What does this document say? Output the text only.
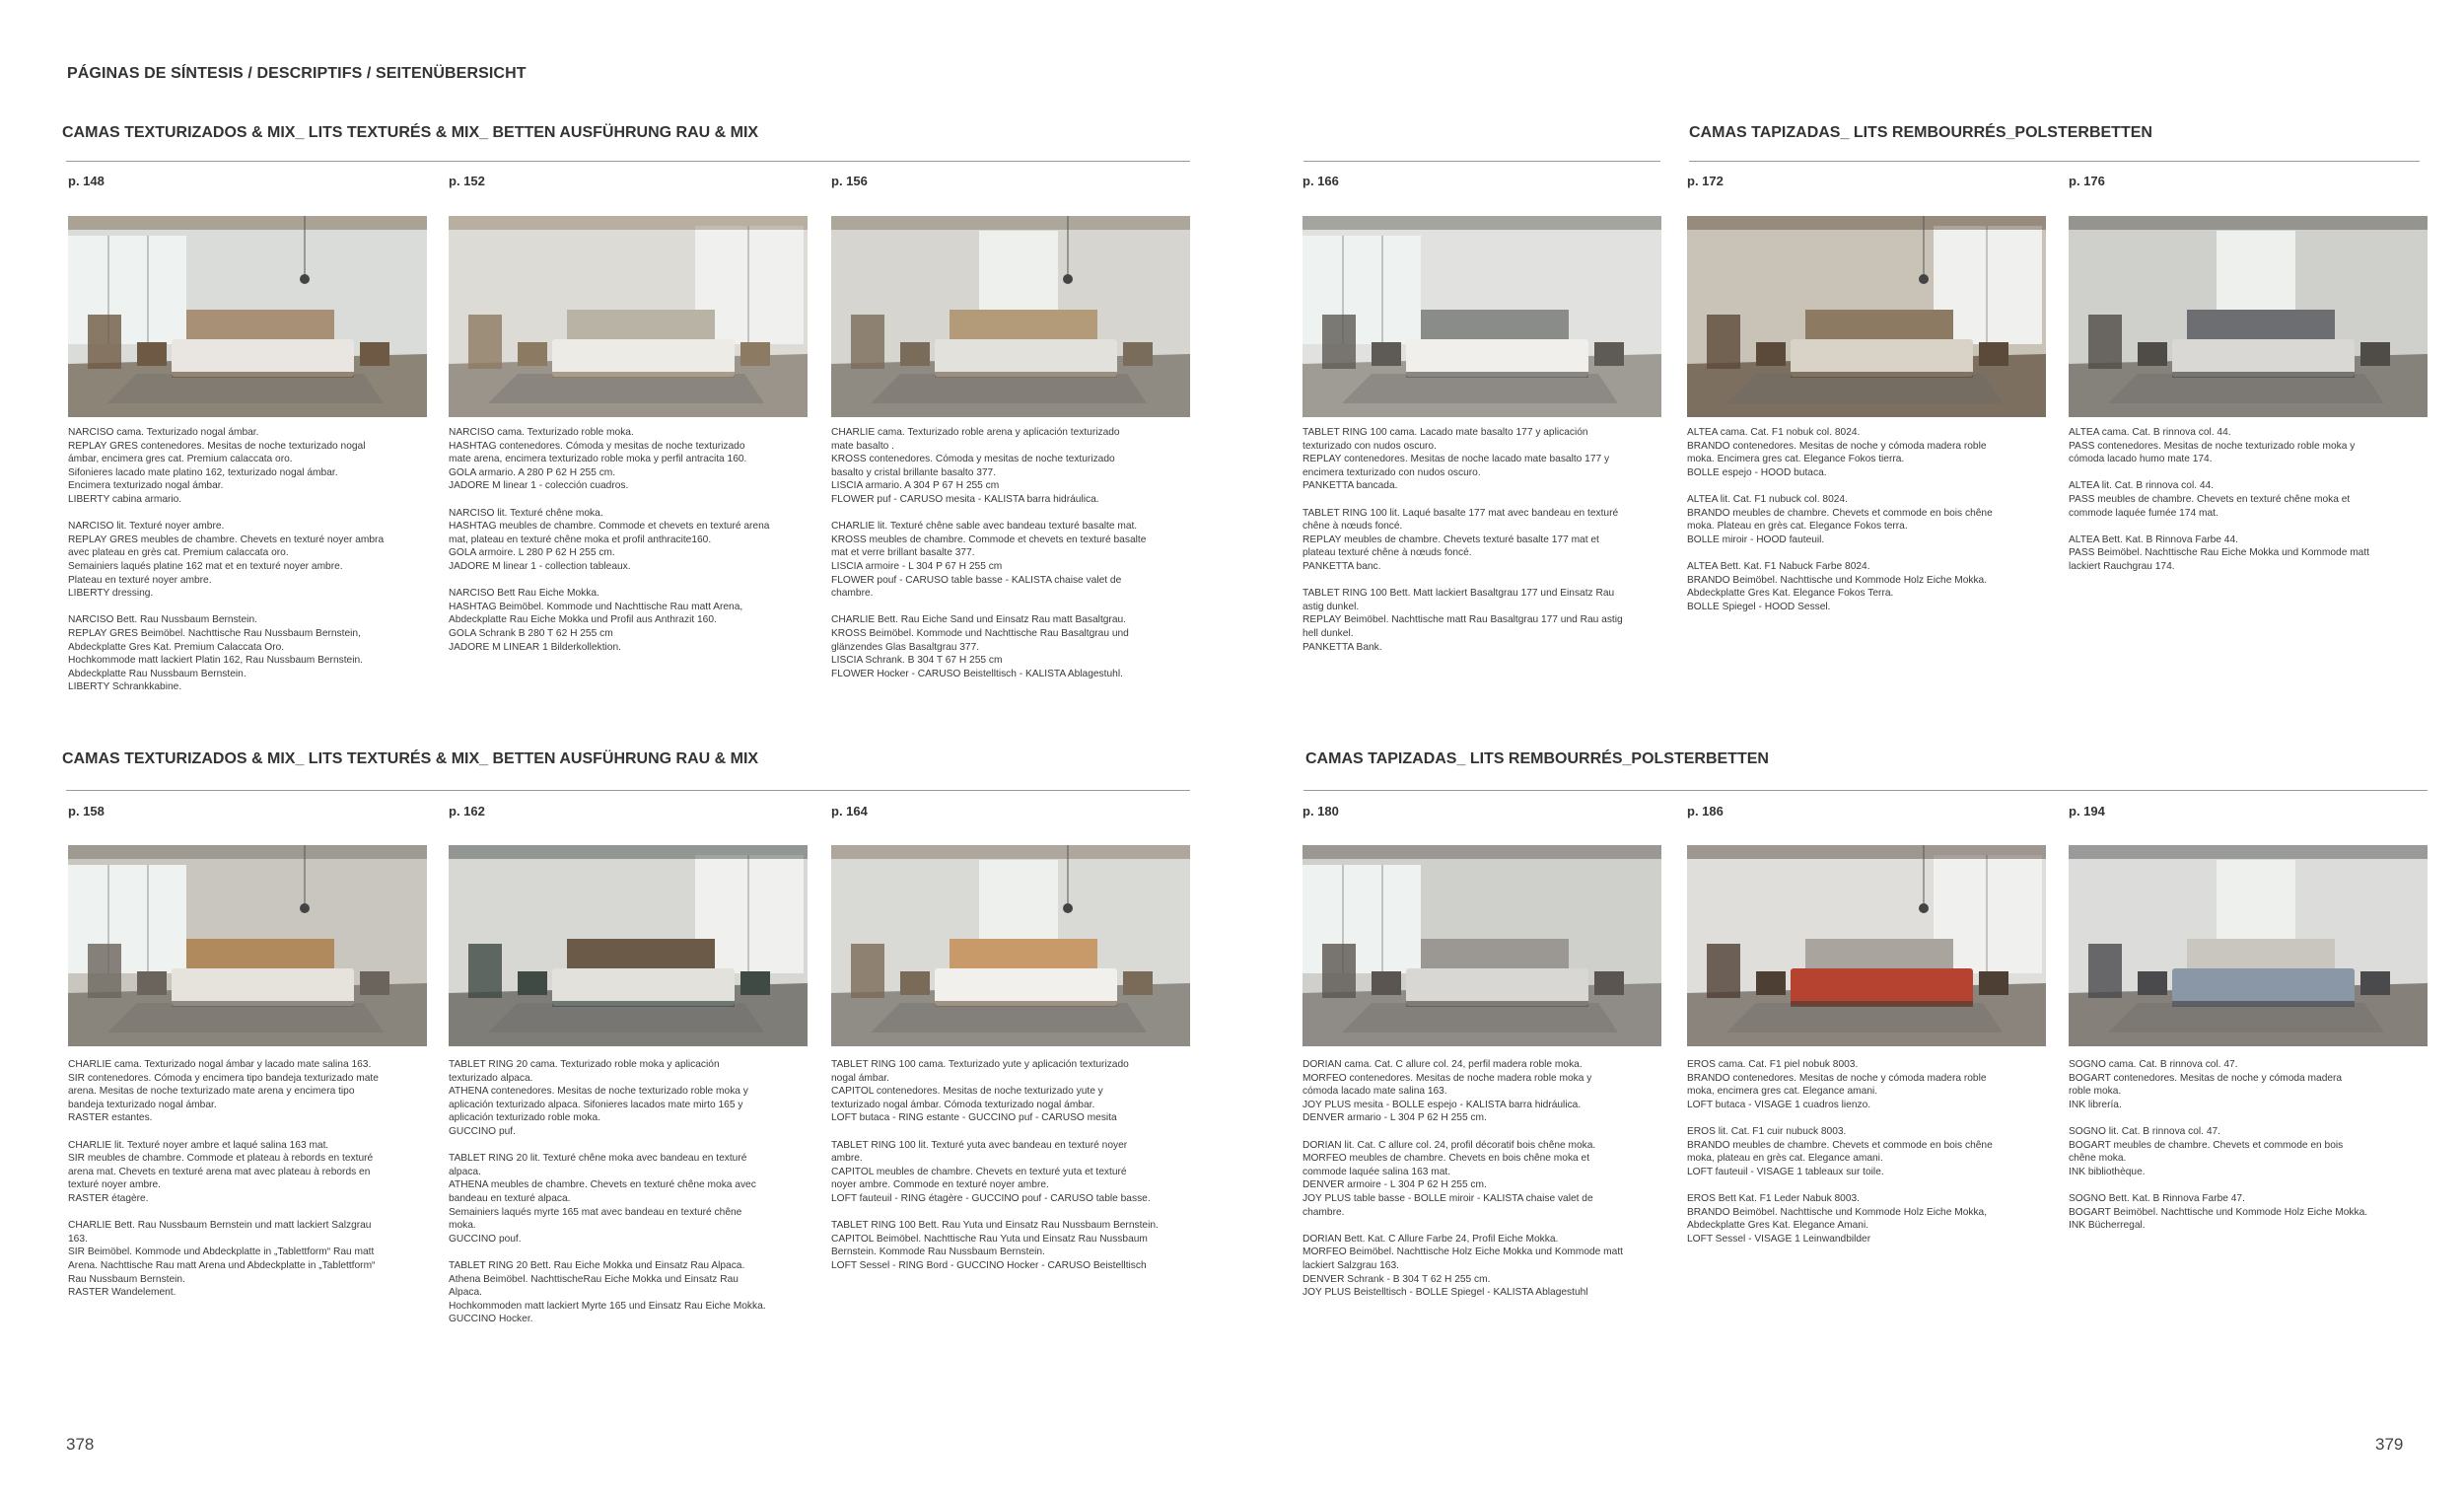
PÁGINAS DE SÍNTESIS / DESCRIPTIFS / SEITENÜBERSICHT
CAMAS TEXTURIZADOS & MIX_ LITS TEXTURÉS & MIX_ BETTEN AUSFÜHRUNG RAU & MIX	CAMAS TAPIZADAS_ LITS REMBOURRÉS_POLSTERBETTEN
CAMAS TEXTURIZADOS & MIX_ LITS TEXTURÉS & MIX_ BETTEN AUSFÜHRUNG RAU & MIX	CAMAS TAPIZADAS_ LITS REMBOURRÉS_POLSTERBETTEN
p. 148

NARCISO cama. Texturizado nogal ámbar.
REPLAY GRES contenedores. Mesitas de noche texturizado nogal
ámbar, encimera gres cat. Premium calaccata oro.
Sifonieres lacado mate platino 162, texturizado nogal ámbar.
Encimera texturizado nogal ámbar.
LIBERTY cabina armario.

NARCISO lit. Texturé noyer ambre.
REPLAY GRES meubles de chambre. Chevets en texturé noyer ambra
avec plateau en grès cat. Premium calaccata oro.
Semainiers laqués platine 162 mat et en texturé noyer ambre.
Plateau en texturé noyer ambre.
LIBERTY dressing.

NARCISO Bett. Rau Nussbaum Bernstein.
REPLAY GRES Beimöbel. Nachttische Rau Nussbaum Bernstein,
Abdeckplatte Gres Kat. Premium Calaccata Oro.
Hochkommode matt lackiert Platin 162, Rau Nussbaum Bernstein.
Abdeckplatte Rau Nussbaum Bernstein.
LIBERTY Schrankkabine.

p. 152

NARCISO cama. Texturizado roble moka.
HASHTAG contenedores. Cómoda y mesitas de noche texturizado
mate arena, encimera texturizado roble moka y perfil antracita 160.
GOLA armario. A 280 P 62 H 255 cm.
JADORE M linear 1 - colección cuadros.

NARCISO lit. Texturé chêne moka.
HASHTAG meubles de chambre. Commode et chevets en texturé arena
mat, plateau en texturé chêne moka et profil anthracite160.
GOLA armoire. L 280 P 62 H 255 cm.
JADORE M linear 1 - collection tableaux.

NARCISO Bett Rau Eiche Mokka.
HASHTAG Beimöbel. Kommode und Nachttische Rau matt Arena,
Abdeckplatte Rau Eiche Mokka und Profil aus Anthrazit 160.
GOLA Schrank B 280 T 62 H 255 cm
JADORE M LINEAR 1 Bilderkollektion.

p. 156

CHARLIE cama. Texturizado roble arena y aplicación texturizado
mate basalto .
KROSS contenedores. Cómoda y mesitas de noche texturizado
basalto y cristal brillante basalto 377.
LISCIA armario. A 304 P 67 H 255 cm
FLOWER puf - CARUSO mesita - KALISTA barra hidráulica.

CHARLIE lit. Texturé chêne sable avec bandeau texturé basalte mat.
KROSS meubles de chambre. Commode et chevets en texturé basalte
mat et verre brillant basalte 377.
LISCIA armoire - L 304 P 67 H 255 cm
FLOWER pouf - CARUSO table basse - KALISTA chaise valet de
chambre.

CHARLIE Bett. Rau Eiche Sand und Einsatz Rau matt Basaltgrau.
KROSS Beimöbel. Kommode und Nachttische Rau Basaltgrau und
glänzendes Glas Basaltgrau 377.
LISCIA Schrank. B 304 T 67 H 255 cm
FLOWER Hocker - CARUSO Beistelltisch - KALISTA Ablagestuhl.

p. 166

TABLET RING 100 cama. Lacado mate basalto 177 y aplicación
texturizado con nudos oscuro.
REPLAY contenedores. Mesitas de noche lacado mate basalto 177 y
encimera texturizado con nudos oscuro.
PANKETTA bancada.

TABLET RING 100 lit. Laqué basalte 177 mat avec bandeau en texturé
chêne à nœuds foncé.
REPLAY meubles de chambre. Chevets texturé basalte 177 mat et
plateau texturé chêne à nœuds foncé.
PANKETTA banc.

TABLET RING 100 Bett. Matt lackiert Basaltgrau 177 und Einsatz Rau
astig dunkel.
REPLAY Beimöbel. Nachttische matt Rau Basaltgrau 177 und Rau astig
hell dunkel.
PANKETTA Bank.

p. 172

ALTEA cama. Cat. F1 nobuk col. 8024.
BRANDO contenedores. Mesitas de noche y cómoda madera roble
moka. Encimera gres cat. Elegance Fokos tierra.
BOLLE espejo - HOOD butaca.

ALTEA lit. Cat. F1 nubuck col. 8024.
BRANDO meubles de chambre. Chevets et commode en bois chêne
moka. Plateau en grès cat. Elegance Fokos terra.
BOLLE miroir - HOOD fauteuil.

ALTEA Bett. Kat. F1 Nabuck Farbe 8024.
BRANDO Beimöbel. Nachttische und Kommode Holz Eiche Mokka.
Abdeckplatte Gres Kat. Elegance Fokos Terra.
BOLLE Spiegel - HOOD Sessel.

p. 176

ALTEA cama. Cat. B rinnova col. 44.
PASS contenedores. Mesitas de noche texturizado roble moka y
cómoda lacado humo mate 174.

ALTEA lit. Cat. B rinnova col. 44.
PASS meubles de chambre. Chevets en texturé chêne moka et
commode laquée fumée 174 mat.

ALTEA Bett. Kat. B Rinnova Farbe 44.
PASS Beimöbel. Nachttische Rau Eiche Mokka und Kommode matt
lackiert Rauchgrau 174.

p. 158

CHARLIE cama. Texturizado nogal ámbar y lacado mate salina 163.
SIR contenedores. Cómoda y encimera tipo bandeja texturizado mate
arena. Mesitas de noche texturizado mate arena y encimera tipo
bandeja texturizado nogal ámbar.
RASTER estantes.

CHARLIE lit. Texturé noyer ambre et laqué salina 163 mat.
SIR meubles de chambre. Commode et plateau à rebords en texturé
arena mat. Chevets en texturé arena mat avec plateau à rebords en
texturé noyer ambre.
RASTER étagère.

CHARLIE Bett. Rau Nussbaum Bernstein und matt lackiert Salzgrau
163.
SIR Beimöbel. Kommode und Abdeckplatte in „Tablettform“ Rau matt
Arena. Nachttische Rau matt Arena und Abdeckplatte in „Tablettform“
Rau Nussbaum Bernstein.
RASTER Wandelement.

p. 162

TABLET RING 20 cama. Texturizado roble moka y aplicación
texturizado alpaca.
ATHENA contenedores. Mesitas de noche texturizado roble moka y
aplicación texturizado alpaca. Sifonieres lacados mate mirto 165 y
aplicación texturizado roble moka.
GUCCINO puf.

TABLET RING 20 lit. Texturé chêne moka avec bandeau en texturé
alpaca.
ATHENA meubles de chambre. Chevets en texturé chêne moka avec
bandeau en texturé alpaca.
Semainiers laqués myrte 165 mat avec bandeau en texturé chêne
moka.
GUCCINO pouf.

TABLET RING 20 Bett. Rau Eiche Mokka und Einsatz Rau Alpaca.
Athena Beimöbel. NachttischeRau Eiche Mokka und Einsatz Rau
Alpaca.
Hochkommoden matt lackiert Myrte 165 und Einsatz Rau Eiche Mokka.
GUCCINO Hocker.

p. 164

TABLET RING 100 cama. Texturizado yute y aplicación texturizado
nogal ámbar.
CAPITOL contenedores. Mesitas de noche texturizado yute y
texturizado nogal ámbar. Cómoda texturizado nogal ámbar.
LOFT butaca - RING estante - GUCCINO puf - CARUSO mesita

TABLET RING 100 lit. Texturé yuta avec bandeau en texturé noyer
ambre.
CAPITOL meubles de chambre. Chevets en texturé yuta et texturé
noyer ambre. Commode en texturé noyer ambre.
LOFT fauteuil - RING étagère - GUCCINO pouf - CARUSO table basse.

TABLET RING 100 Bett. Rau Yuta und Einsatz Rau Nussbaum Bernstein.
CAPITOL Beimöbel. Nachttische Rau Yuta und Einsatz Rau Nussbaum
Bernstein. Kommode Rau Nussbaum Bernstein.
LOFT Sessel - RING Bord - GUCCINO Hocker - CARUSO Beistelltisch

p. 180

DORIAN cama. Cat. C allure col. 24, perfil madera roble moka.
MORFEO contenedores. Mesitas de noche madera roble moka y
cómoda lacado mate salina 163.
JOY PLUS mesita - BOLLE espejo - KALISTA barra hidráulica.
DENVER armario - L 304 P 62 H 255 cm.

DORIAN lit. Cat. C allure col. 24, profil décoratif bois chêne moka.
MORFEO meubles de chambre. Chevets en bois chêne moka et
commode laquée salina 163 mat.
DENVER armoire - L 304 P 62 H 255 cm.
JOY PLUS table basse - BOLLE miroir - KALISTA chaise valet de
chambre.

DORIAN Bett. Kat. C Allure Farbe 24, Profil Eiche Mokka.
MORFEO Beimöbel. Nachttische Holz Eiche Mokka und Kommode matt
lackiert Salzgrau 163.
DENVER Schrank - B 304 T 62 H 255 cm.
JOY PLUS Beistelltisch - BOLLE Spiegel - KALISTA Ablagestuhl

p. 186

EROS cama. Cat. F1 piel nobuk 8003.
BRANDO contenedores. Mesitas de noche y cómoda madera roble
moka, encimera gres cat. Elegance amani.
LOFT butaca - VISAGE 1 cuadros lienzo.

EROS lit. Cat. F1 cuir nubuck 8003.
BRANDO meubles de chambre. Chevets et commode en bois chêne
moka, plateau en grès cat. Elegance amani.
LOFT fauteuil - VISAGE 1 tableaux sur toile.

EROS Bett Kat. F1 Leder Nabuk 8003.
BRANDO Beimöbel. Nachttische und Kommode Holz Eiche Mokka,
Abdeckplatte Gres Kat. Elegance Amani.
LOFT Sessel - VISAGE 1 Leinwandbilder

p. 194

SOGNO cama. Cat. B rinnova col. 47.
BOGART contenedores. Mesitas de noche y cómoda madera
roble moka.
INK librería.

SOGNO lit. Cat. B rinnova col. 47.
BOGART meubles de chambre. Chevets et commode en bois
chêne moka.
INK bibliothèque.

SOGNO Bett. Kat. B Rinnova Farbe 47.
BOGART Beimöbel. Nachttische und Kommode Holz Eiche Mokka.
INK Bücherregal.

378	379
